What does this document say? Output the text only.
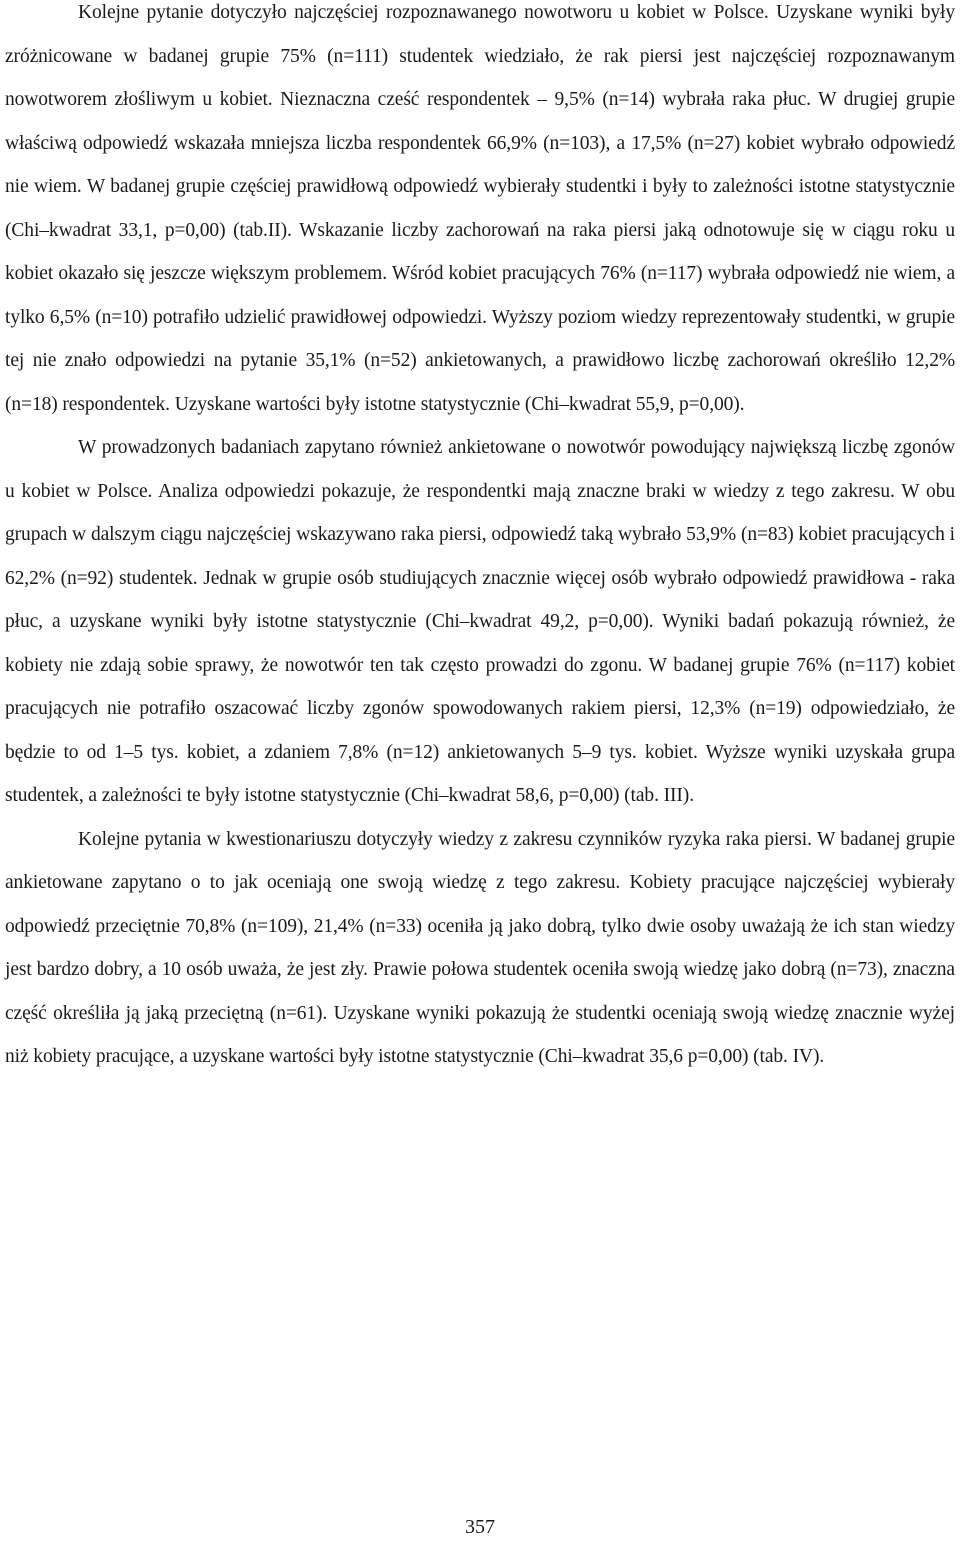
Kolejne pytanie dotyczyło najczęściej rozpoznawanego nowotworu u kobiet w Polsce. Uzyskane wyniki były zróżnicowane w badanej grupie 75% (n=111) studentek wiedziało, że rak piersi jest najczęściej rozpoznawanym nowotworem złośliwym u kobiet. Nieznaczna cześć respondentek – 9,5% (n=14) wybrała raka płuc. W drugiej grupie właściwą odpowiedź wskazała mniejsza liczba respondentek 66,9% (n=103), a 17,5% (n=27) kobiet wybrało odpowiedź nie wiem. W badanej grupie częściej prawidłową odpowiedź wybierały studentki i były to zależności istotne statystycznie (Chi–kwadrat 33,1, p=0,00) (tab.II). Wskazanie liczby zachorowań na raka piersi jaką odnotowuje się w ciągu roku u kobiet okazało się jeszcze większym problemem. Wśród kobiet pracujących 76% (n=117) wybrała odpowiedź nie wiem, a tylko 6,5% (n=10) potrafiło udzielić prawidłowej odpowiedzi. Wyższy poziom wiedzy reprezentowały studentki, w grupie tej nie znało odpowiedzi na pytanie 35,1% (n=52) ankietowanych, a prawidłowo liczbę zachorowań określiło 12,2% (n=18) respondentek. Uzyskane wartości były istotne statystycznie (Chi–kwadrat 55,9, p=0,00).

W prowadzonych badaniach zapytano również ankietowane o nowotwór powodujący największą liczbę zgonów u kobiet w Polsce. Analiza odpowiedzi pokazuje, że respondentki mają znaczne braki w wiedzy z tego zakresu. W obu grupach w dalszym ciągu najczęściej wskazywano raka piersi, odpowiedź taką wybrało 53,9% (n=83) kobiet pracujących i 62,2% (n=92) studentek. Jednak w grupie osób studiujących znacznie więcej osób wybrało odpowiedź prawidłowa - raka płuc, a uzyskane wyniki były istotne statystycznie (Chi–kwadrat 49,2, p=0,00). Wyniki badań pokazują również, że kobiety nie zdają sobie sprawy, że nowotwór ten tak często prowadzi do zgonu. W badanej grupie 76% (n=117) kobiet pracujących nie potrafiło oszacować liczby zgonów spowodowanych rakiem piersi, 12,3% (n=19) odpowiedziało, że będzie to od 1–5 tys. kobiet, a zdaniem 7,8% (n=12) ankietowanych 5–9 tys. kobiet. Wyższe wyniki uzyskała grupa studentek, a zależności te były istotne statystycznie (Chi–kwadrat 58,6, p=0,00) (tab. III).

Kolejne pytania w kwestionariuszu dotyczyły wiedzy z zakresu czynników ryzyka raka piersi. W badanej grupie ankietowane zapytano o to jak oceniają one swoją wiedzę z tego zakresu. Kobiety pracujące najczęściej wybierały odpowiedź przeciętnie 70,8% (n=109), 21,4% (n=33) oceniła ją jako dobrą, tylko dwie osoby uważają że ich stan wiedzy jest bardzo dobry, a 10 osób uważa, że jest zły. Prawie połowa studentek oceniła swoją wiedzę jako dobrą (n=73), znaczna część określiła ją jaką przeciętną (n=61). Uzyskane wyniki pokazują że studentki oceniają swoją wiedzę znacznie wyżej niż kobiety pracujące, a uzyskane wartości były istotne statystycznie (Chi–kwadrat 35,6 p=0,00) (tab. IV).

357
